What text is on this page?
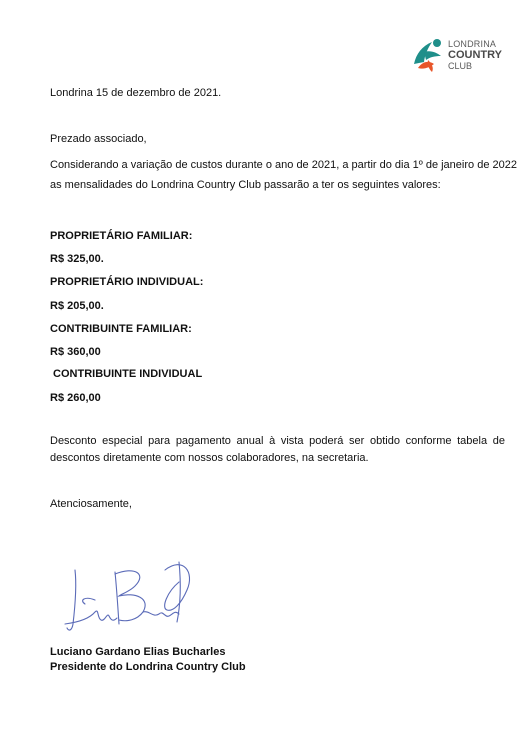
LONDRINA
COUNTRY
CLUB
Londrina 15 de dezembro de 2021.
Prezado associado,
Considerando a variação de custos durante o ano de 2021, a partir do dia 1º de janeiro de 2022
as mensalidades do Londrina Country Club passarão a ter os seguintes valores:
PROPRIETÁRIO FAMILIAR:
R$ 325,00.
PROPRIETÁRIO INDIVIDUAL:
R$ 205,00.
CONTRIBUINTE FAMILIAR:
R$ 360,00
CONTRIBUINTE INDIVIDUAL
R$ 260,00
Desconto especial para pagamento anual à vista poderá ser obtido conforme tabela de descontos diretamente com nossos colaboradores, na secretaria.
Atenciosamente,
Luciano Gardano Elias Bucharles
Presidente do Londrina Country Club
